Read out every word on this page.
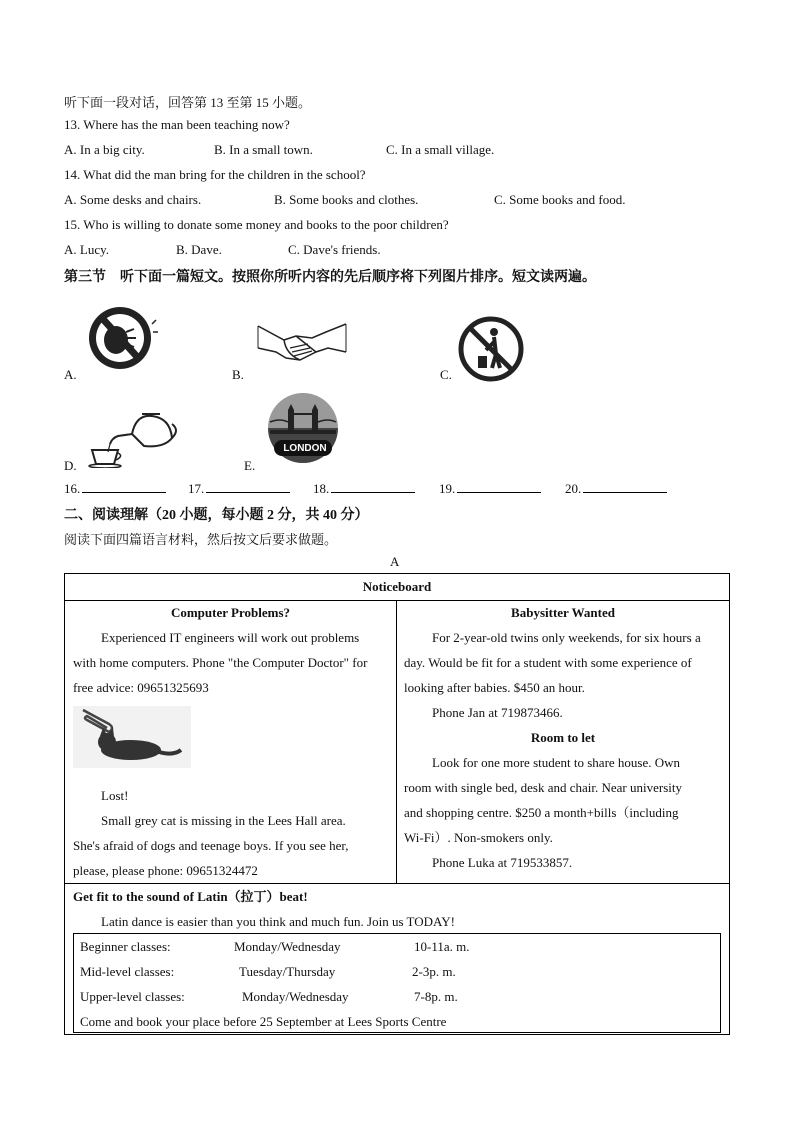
听下面一段对话，回答第 13 至第 15 小题。
13. Where has the man been teaching now?
A. In a big city.	B. In a small town.	C. In a small village.
14. What did the man bring for the children in the school?
A. Some desks and chairs.	B. Some books and clothes.	C. Some books and food.
15. Who is willing to donate some money and books to the poor children?
A. Lucy.	B. Dave.	C. Dave's friends.
第三节　听下面一篇短文。按照你所听内容的先后顺序将下列图片排序。短文读两遍。
A.	B.	C.
D.	E.
LONDON
16.	17.	18.	19.	20.
二、阅读理解（20 小题，每小题 2 分，共 40 分）
阅读下面四篇语言材料，然后按文后要求做题。
A
Noticeboard
Computer Problems?
Experienced IT engineers will work out problems
with home computers. Phone "the Computer Doctor" for
free advice: 09651325693
Lost!
Small grey cat is missing in the Lees Hall area.
She's afraid of dogs and teenage boys. If you see her,
please, please phone: 09651324472
Babysitter Wanted
For 2-year-old twins only weekends, for six hours a
day. Would be fit for a student with some experience of
looking after babies. $450 an hour.
Phone Jan at 719873466.
Room to let
Look for one more student to share house. Own
room with single bed, desk and chair. Near university
and shopping centre. $250 a month+bills（including
Wi-Fi）. Non-smokers only.
Phone Luka at 719533857.
Get fit to the sound of Latin（拉丁）beat!
Latin dance is easier than you think and much fun. Join us TODAY!
Beginner classes:	Monday/Wednesday	10-11a. m.
Mid-level classes:	Tuesday/Thursday	2-3p. m.
Upper-level classes:	Monday/Wednesday	7-8p. m.
Come and book your place before 25 September at Lees Sports Centre
